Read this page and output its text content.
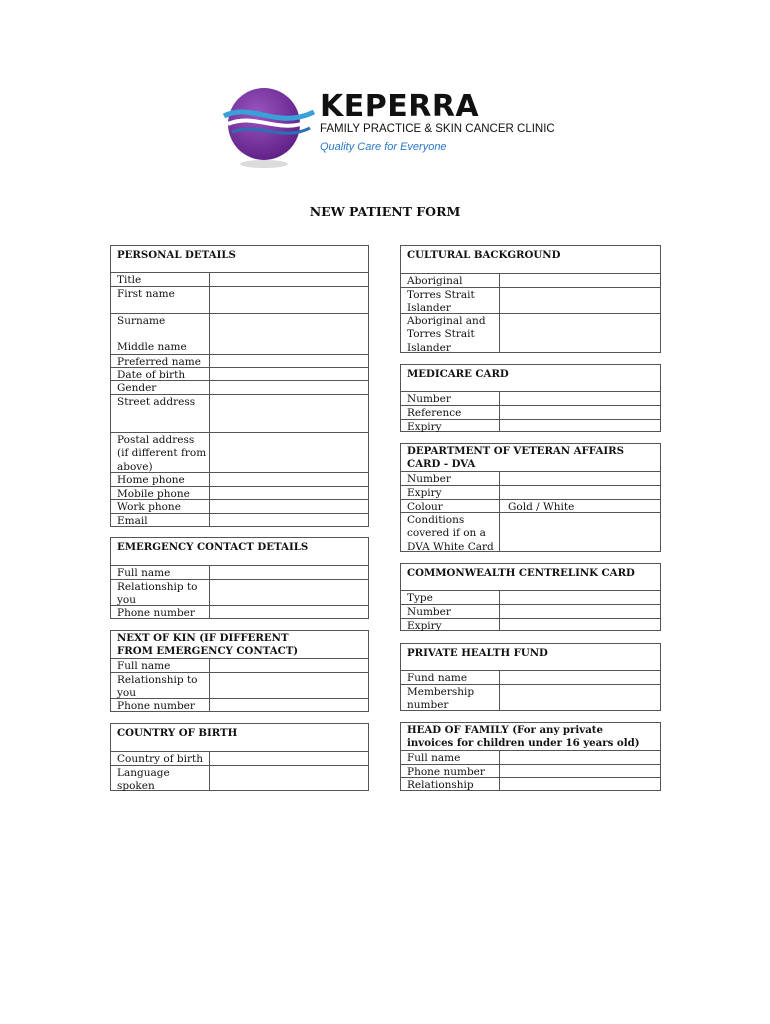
KEPERRA
FAMILY PRACTICE & SKIN CANCER CLINIC
Quality Care for Everyone
NEW PATIENT FORM
PERSONAL DETAILS
Title
First name
Surname
Middle name
Preferred name
Date of birth
Gender
Street address
Postal address (if different from above)
Home phone
Mobile phone
Work phone
Email
EMERGENCY CONTACT DETAILS
Full name
Relationship to you
Phone number
NEXT OF KIN (IF DIFFERENT FROM EMERGENCY CONTACT)
Full name
Relationship to you
Phone number
COUNTRY OF BIRTH
Country of birth
Language spoken
CULTURAL BACKGROUND
Aboriginal
Torres Strait Islander
Aboriginal and Torres Strait Islander
MEDICARE CARD
Number
Reference
Expiry
DEPARTMENT OF VETERAN AFFAIRS CARD - DVA
Number
Expiry
Colour	Gold / White
Conditions covered if on a DVA White Card
COMMONWEALTH CENTRELINK CARD
Type
Number
Expiry
PRIVATE HEALTH FUND
Fund name
Membership number
HEAD OF FAMILY (For any private invoices for children under 16 years old)
Full name
Phone number
Relationship
